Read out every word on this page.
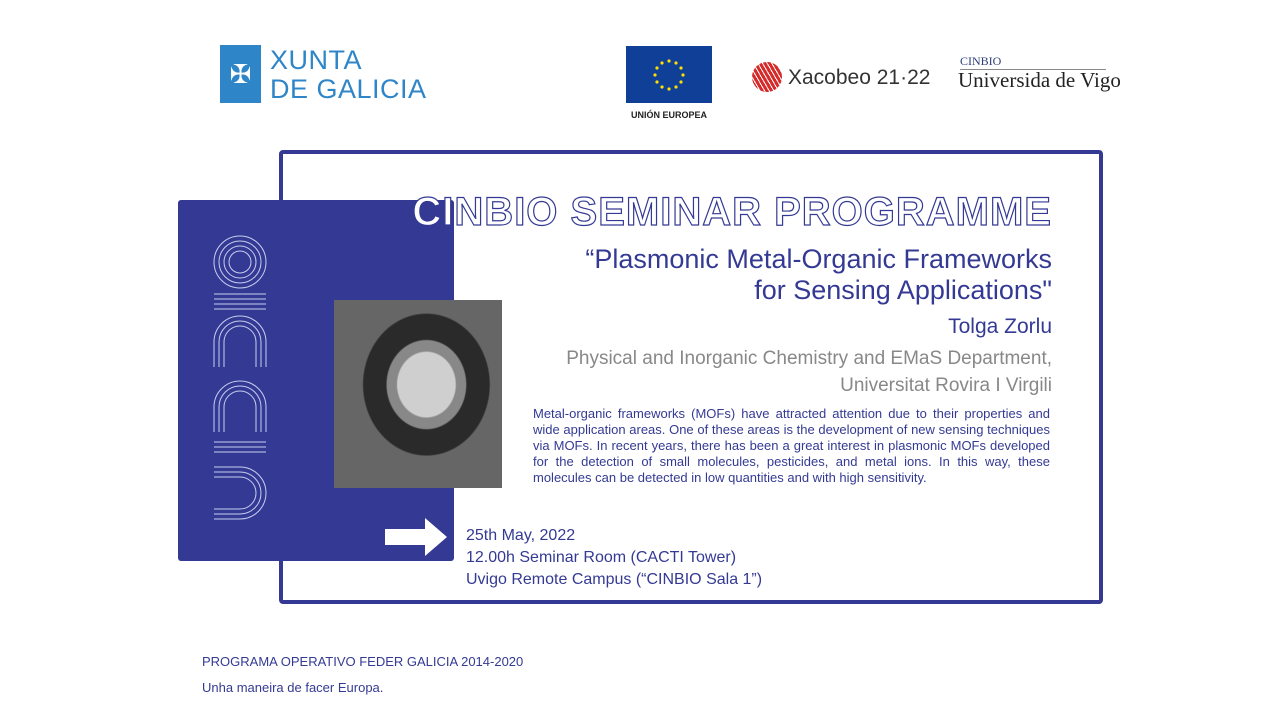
✠ XUNTA
DE GALICIA
UNIÓN EUROPEA
Xacobeo 21·22
CINBIO
Universida de Vigo
CINBIO SEMINAR PROGRAMME
“Plasmonic Metal-Organic Frameworks
for Sensing Applications"
Tolga Zorlu
Physical and Inorganic Chemistry and EMaS Department,
Universitat Rovira I Virgili
Metal-organic frameworks (MOFs) have attracted attention due to their properties and wide application areas. One of these areas is the development of new sensing techniques via MOFs. In recent years, there has been a great interest in plasmonic MOFs developed for the detection of small molecules, pesticides, and metal ions. In this way, these molecules can be detected in low quantities and with high sensitivity.
25th May, 2022
12.00h Seminar Room (CACTI Tower)
Uvigo Remote Campus (“CINBIO Sala 1”)
PROGRAMA OPERATIVO FEDER GALICIA 2014-2020
Unha maneira de facer Europa.
